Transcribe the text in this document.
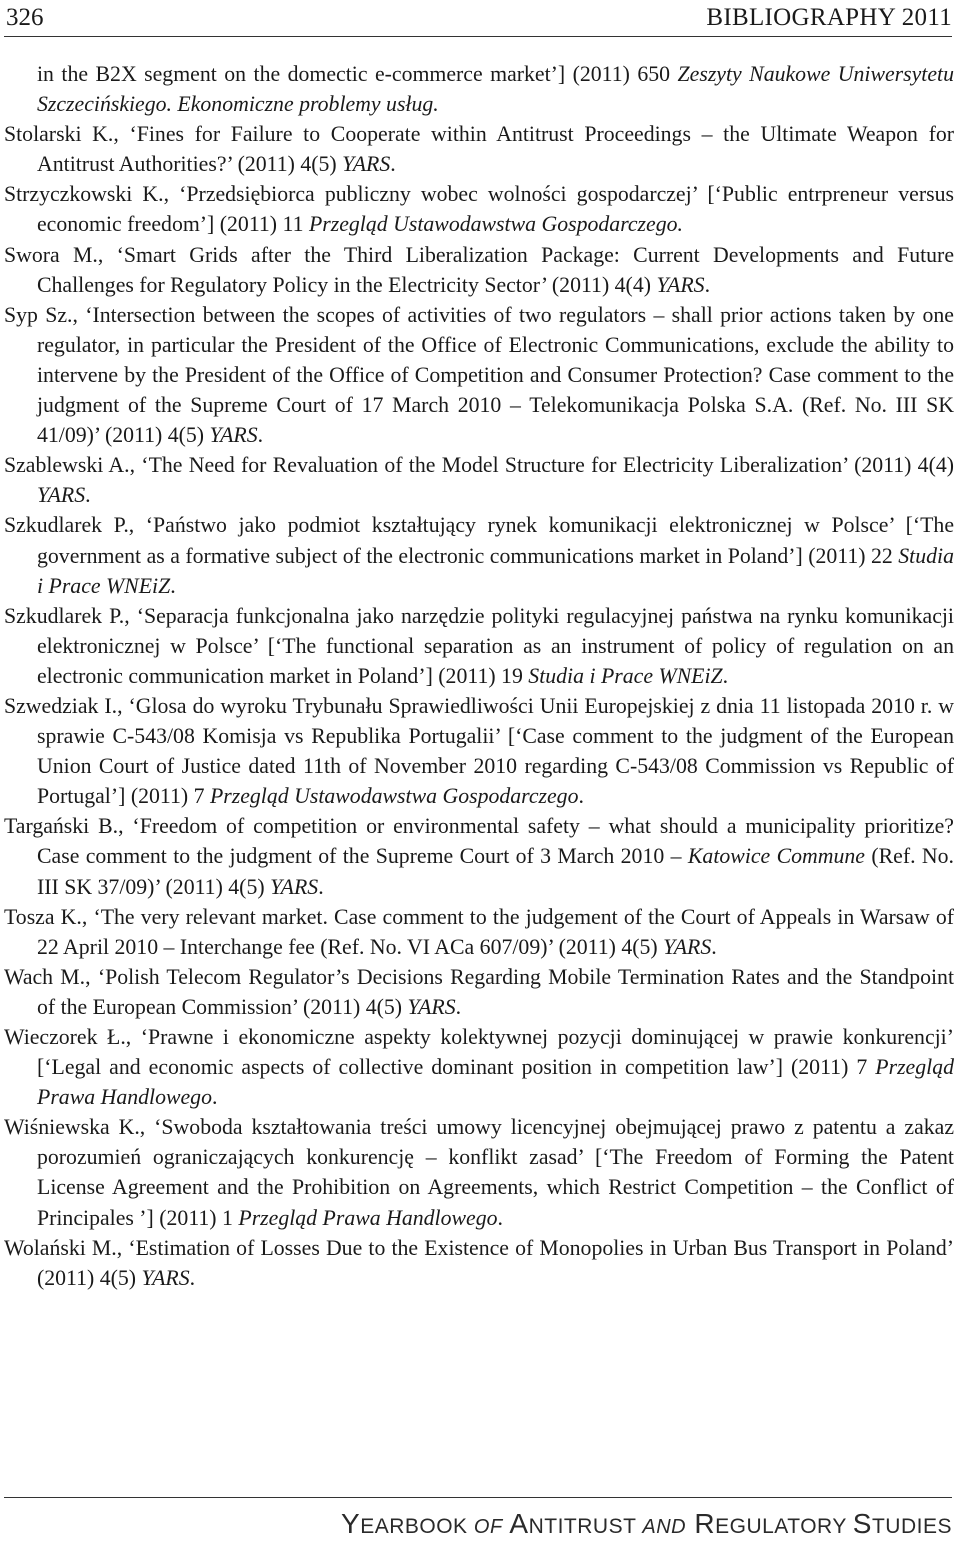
326	BIBLIOGRAPHY 2011

in the B2X segment on the domectic e-commerce market’] (2011) 650 Zeszyty Naukowe Uniwersytetu Szczecińskiego. Ekonomiczne problemy usług.

Stolarski K., ‘Fines for Failure to Cooperate within Antitrust Proceedings – the Ultimate Weapon for Antitrust Authorities?’ (2011) 4(5) YARS.

Strzyczkowski K., ‘Przedsiębiorca publiczny wobec wolności gospodarczej’ [‘Public entrpreneur versus economic freedom’] (2011) 11 Przegląd Ustawodawstwa Gospodarczego.

Swora M., ‘Smart Grids after the Third Liberalization Package: Current Developments and Future Challenges for Regulatory Policy in the Electricity Sector’ (2011) 4(4) YARS.

Syp Sz., ‘Intersection between the scopes of activities of two regulators – shall prior actions taken by one regulator, in particular the President of the Office of Electronic Communications, exclude the ability to intervene by the President of the Office of Competition and Consumer Protection? Case comment to the judgment of the Supreme Court of 17 March 2010 – Telekomunikacja Polska S.A. (Ref. No. III SK 41/09)’ (2011) 4(5) YARS.

Szablewski A., ‘The Need for Revaluation of the Model Structure for Electricity Liberalization’ (2011) 4(4) YARS.

Szkudlarek P., ‘Państwo jako podmiot kształtujący rynek komunikacji elektronicznej w Polsce’ [‘The government as a formative subject of the electronic communications market in Poland’] (2011) 22 Studia i Prace WNEiZ.

Szkudlarek P., ‘Separacja funkcjonalna jako narzędzie polityki regulacyjnej państwa na rynku komunikacji elektronicznej w Polsce’ [‘The functional separation as an instrument of policy of regulation on an electronic communication market in Poland’] (2011) 19 Studia i Prace WNEiZ.

Szwedziak I., ‘Glosa do wyroku Trybunału Sprawiedliwości Unii Europejskiej z dnia 11 listopada 2010 r. w sprawie C-543/08 Komisja vs Republika Portugalii’ [‘Case comment to the judgment of the European Union Court of Justice dated 11th of November 2010 regarding C-543/08 Commission vs Republic of Portugal’] (2011) 7 Przegląd Ustawodawstwa Gospodarczego.

Targański B., ‘Freedom of competition or environmental safety – what should a municipality prioritize? Case comment to the judgment of the Supreme Court of 3 March 2010 – Katowice Commune (Ref. No. III SK 37/09)’ (2011) 4(5) YARS.

Tosza K., ‘The very relevant market. Case comment to the judgement of the Court of Appeals in Warsaw of 22 April 2010 – Interchange fee (Ref. No. VI ACa 607/09)’ (2011) 4(5) YARS.

Wach M., ‘Polish Telecom Regulator’s Decisions Regarding Mobile Termination Rates and the Standpoint of the European Commission’ (2011) 4(5) YARS.

Wieczorek Ł., ‘Prawne i ekonomiczne aspekty kolektywnej pozycji dominującej w prawie konkurencji’ [‘Legal and economic aspects of collective dominant position in competition law’] (2011) 7 Przegląd Prawa Handlowego.

Wiśniewska K., ‘Swoboda kształtowania treści umowy licencyjnej obejmującej prawo z patentu a zakaz porozumień ograniczających konkurencję – konflikt zasad’ [‘The Freedom of Forming the Patent License Agreement and the Prohibition on Agreements, which Restrict Competition – the Conflict of Principales ’] (2011) 1 Przegląd Prawa Handlowego.

Wolański M., ‘Estimation of Losses Due to the Existence of Monopolies in Urban Bus Transport in Poland’ (2011) 4(5) YARS.

YEARBOOK OF ANTITRUST AND REGULATORY STUDIES
